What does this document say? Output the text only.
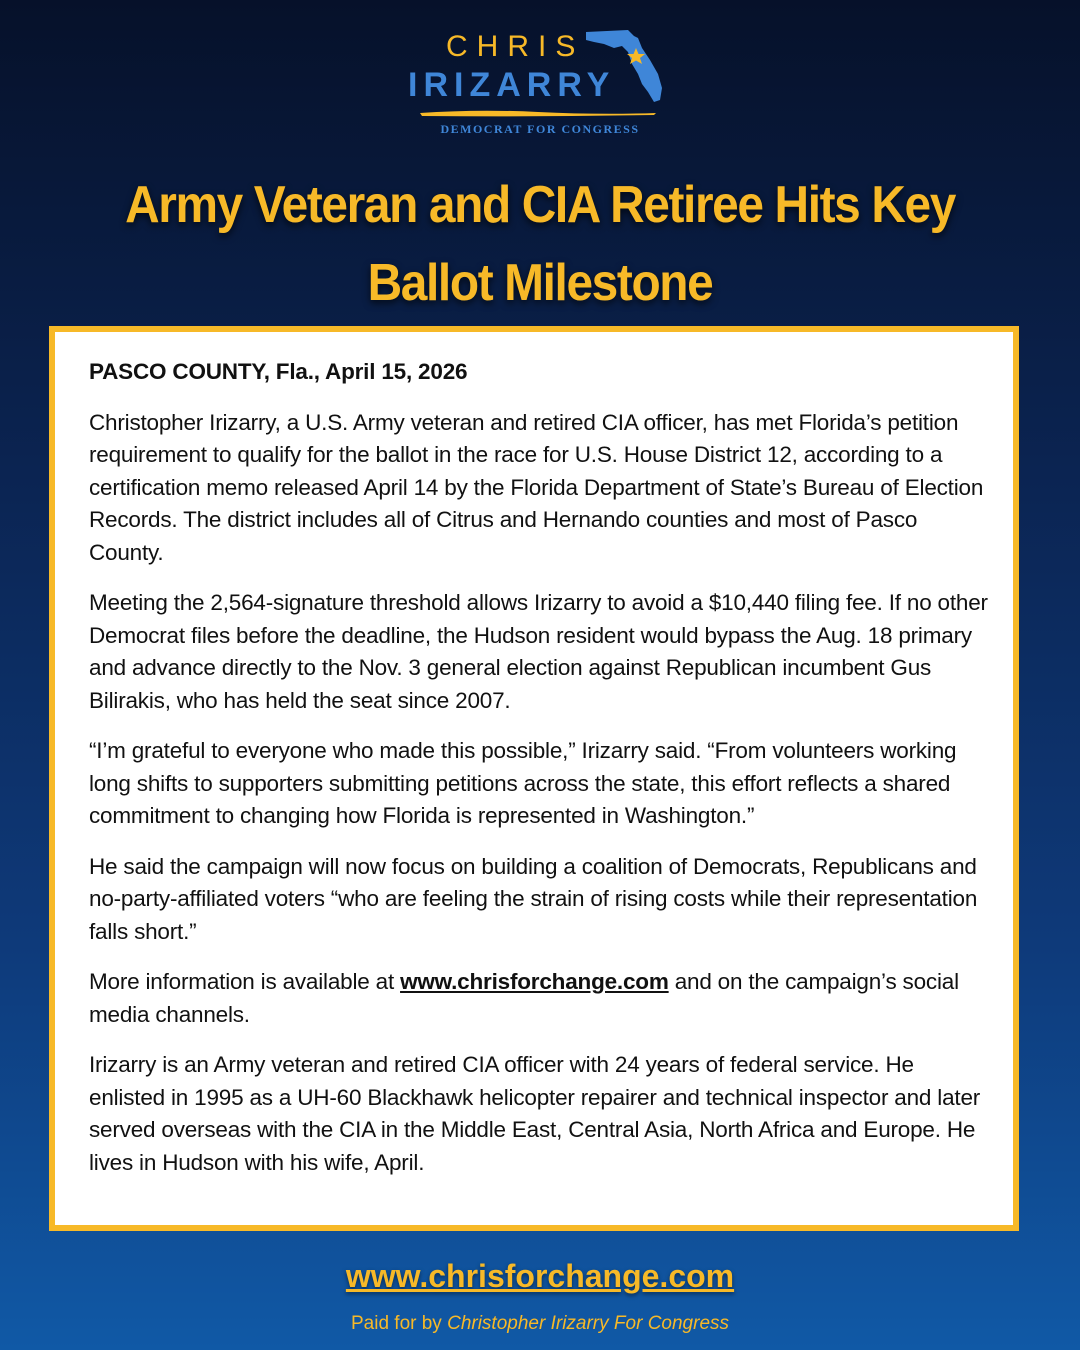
CHRIS
IRIZARRY
DEMOCRAT FOR CONGRESS
Army Veteran and CIA Retiree Hits Key
Ballot Milestone

PASCO COUNTY, Fla., April 15, 2026

Christopher Irizarry, a U.S. Army veteran and retired CIA officer, has met Florida’s petition requirement to qualify for the ballot in the race for U.S. House District 12, according to a certification memo released April 14 by the Florida Department of State’s Bureau of Election Records. The district includes all of Citrus and Hernando counties and most of Pasco County.

Meeting the 2,564-signature threshold allows Irizarry to avoid a $10,440 filing fee. If no other Democrat files before the deadline, the Hudson resident would bypass the Aug. 18 primary and advance directly to the Nov. 3 general election against Republican incumbent Gus Bilirakis, who has held the seat since 2007.

“I’m grateful to everyone who made this possible,” Irizarry said. “From volunteers working long shifts to supporters submitting petitions across the state, this effort reflects a shared commitment to changing how Florida is represented in Washington.”

He said the campaign will now focus on building a coalition of Democrats, Republicans and no-party-affiliated voters “who are feeling the strain of rising costs while their representation falls short.”

More information is available at www.chrisforchange.com and on the campaign’s social media channels.

Irizarry is an Army veteran and retired CIA officer with 24 years of federal service. He enlisted in 1995 as a UH-60 Blackhawk helicopter repairer and technical inspector and later served overseas with the CIA in the Middle East, Central Asia, North Africa and Europe. He lives in Hudson with his wife, April.

www.chrisforchange.com
Paid for by Christopher Irizarry For Congress
